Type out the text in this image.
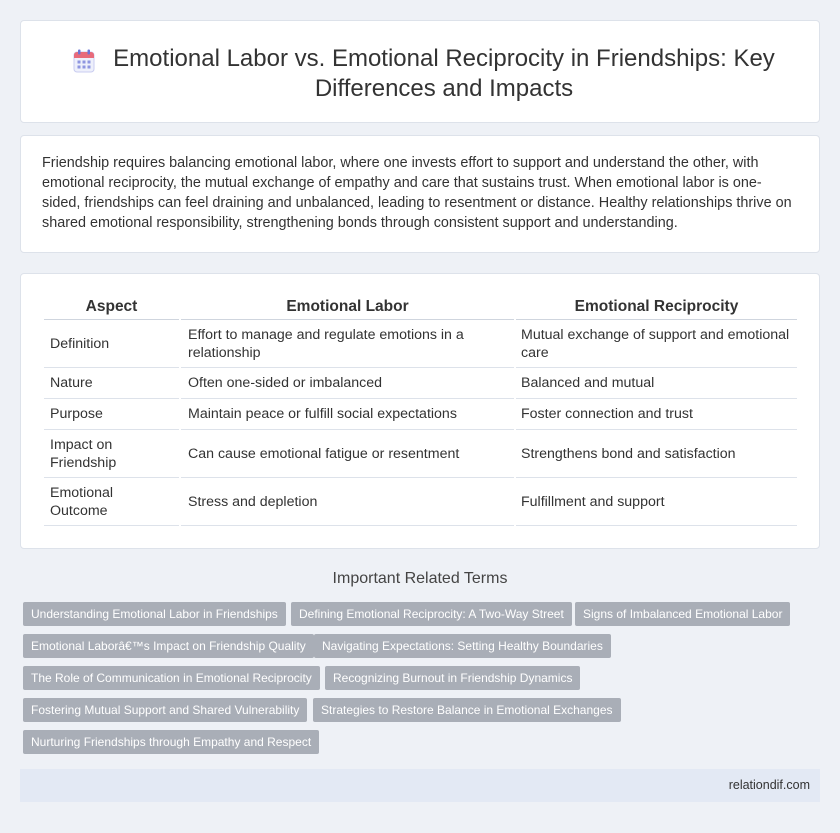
Emotional Labor vs. Emotional Reciprocity in Friendships: Key Differences and Impacts

Friendship requires balancing emotional labor, where one invests effort to support and understand the other, with emotional reciprocity, the mutual exchange of empathy and care that sustains trust. When emotional labor is one-sided, friendships can feel draining and unbalanced, leading to resentment or distance. Healthy relationships thrive on shared emotional responsibility, strengthening bonds through consistent support and understanding.

Aspect	Emotional Labor	Emotional Reciprocity
Definition	Effort to manage and regulate emotions in a relationship	Mutual exchange of support and emotional care
Nature	Often one-sided or imbalanced	Balanced and mutual
Purpose	Maintain peace or fulfill social expectations	Foster connection and trust
Impact on Friendship	Can cause emotional fatigue or resentment	Strengthens bond and satisfaction
Emotional Outcome	Stress and depletion	Fulfillment and support
Important Related Terms
Understanding Emotional Labor in Friendships	Defining Emotional Reciprocity: A Two-Way Street	Signs of Imbalanced Emotional Labor
Emotional Laborâ€™s Impact on Friendship Quality	Navigating Expectations: Setting Healthy Boundaries
The Role of Communication in Emotional Reciprocity	Recognizing Burnout in Friendship Dynamics
Fostering Mutual Support and Shared Vulnerability	Strategies to Restore Balance in Emotional Exchanges
Nurturing Friendships through Empathy and Respect
relationdif.com
